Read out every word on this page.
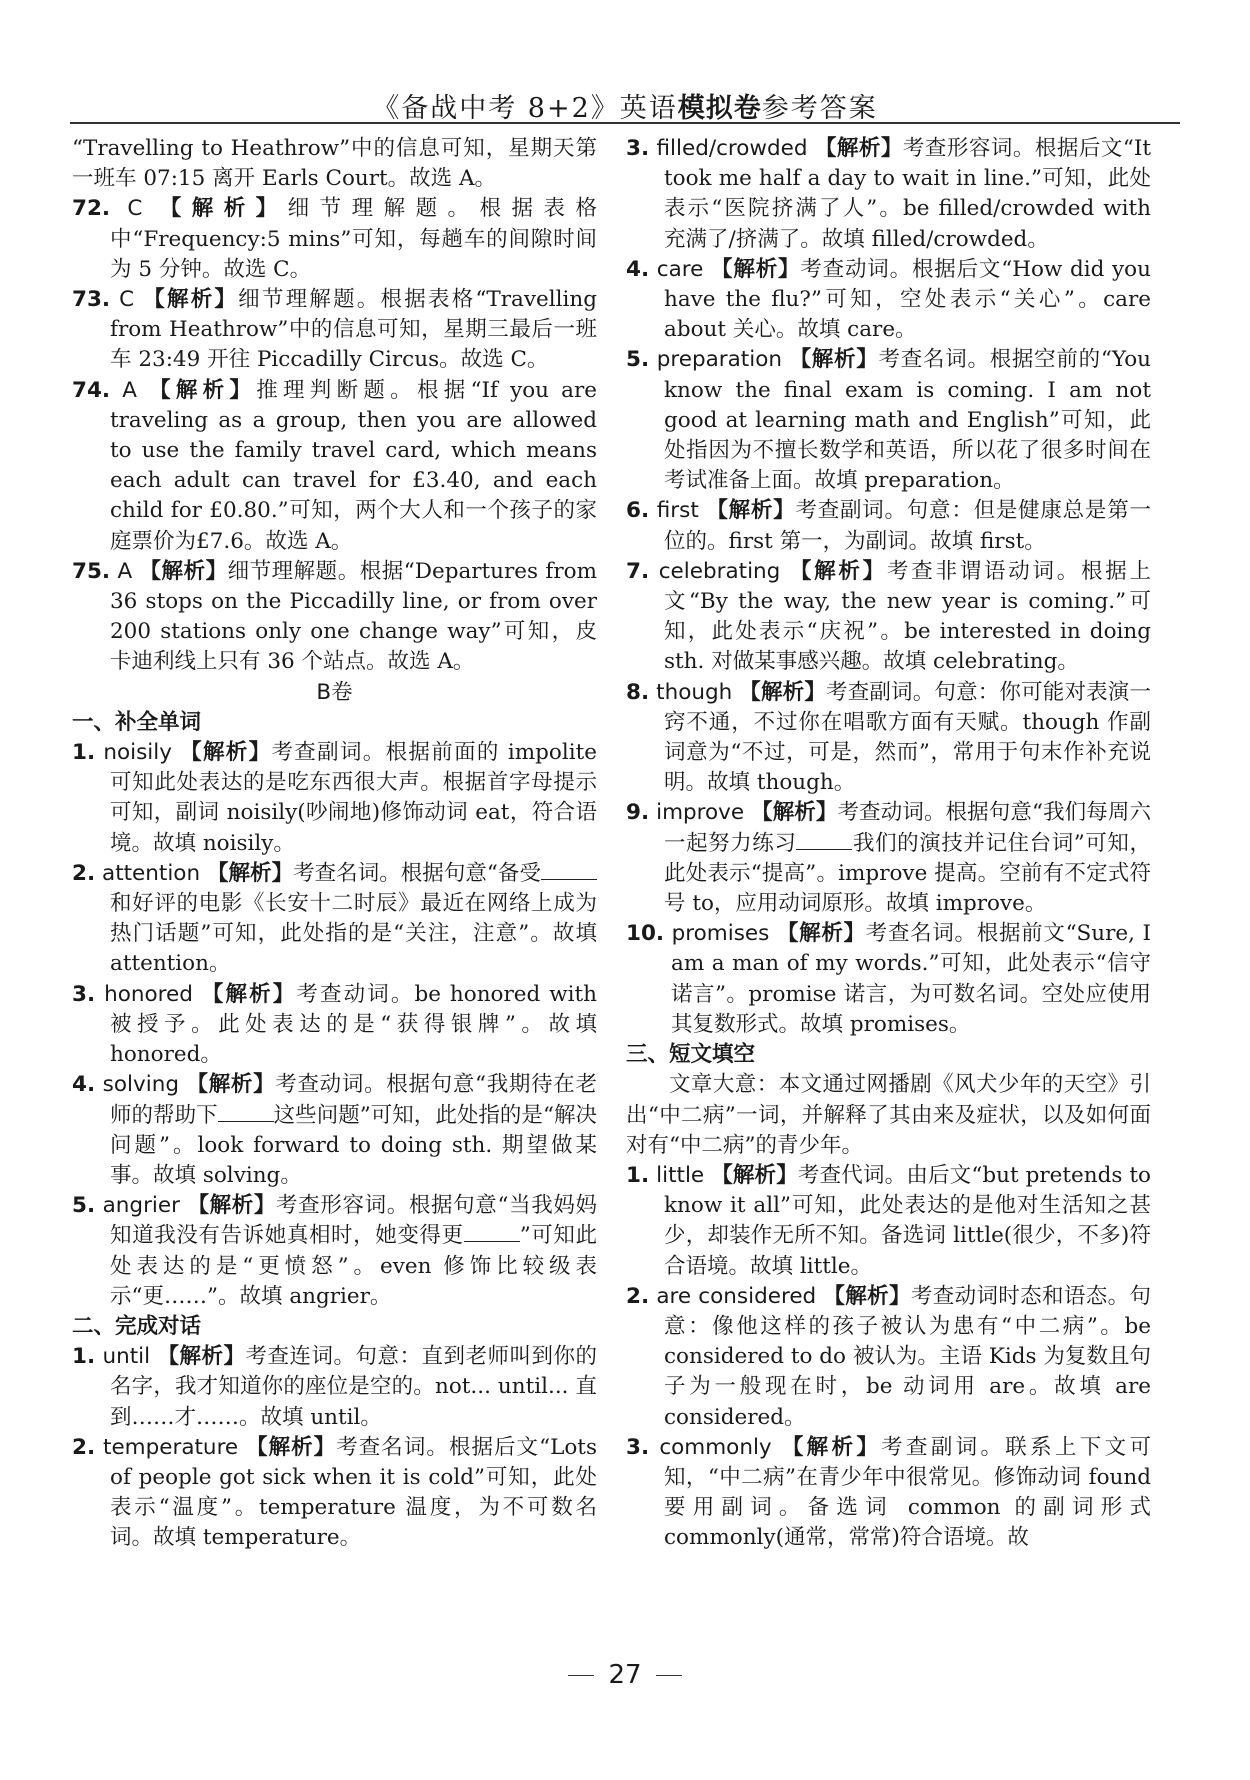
《备战中考 8+2》英语模拟卷参考答案

“Travelling to Heathrow”中的信息可知，星期天第一班车 07:15 离开 Earls Court。故选 A。

72. C 【解析】细节理解题。根据表格中“Frequency:5 mins”可知，每趟车的间隙时间为 5 分钟。故选 C。

73. C 【解析】细节理解题。根据表格“Travelling from Heathrow”中的信息可知，星期三最后一班车 23:49 开往 Piccadilly Circus。故选 C。

74. A 【解析】推理判断题。根据“If you are traveling as a group, then you are allowed to use the family travel card, which means each adult can travel for £3.40, and each child for £0.80.”可知，两个大人和一个孩子的家庭票价为£7.6。故选 A。

75. A 【解析】细节理解题。根据“Departures from 36 stops on the Piccadilly line, or from over 200 stations only one change way”可知，皮卡迪利线上只有 36 个站点。故选 A。

B卷

一、补全单词

1. noisily 【解析】考查副词。根据前面的 impolite 可知此处表达的是吃东西很大声。根据首字母提示可知，副词 noisily(吵闹地)修饰动词 eat，符合语境。故填 noisily。

2. attention 【解析】考查名词。根据句意“备受和好评的电影《长安十二时辰》最近在网络上成为热门话题”可知，此处指的是“关注，注意”。故填 attention。

3. honored 【解析】考查动词。be honored with 被授予。此处表达的是“获得银牌”。故填 honored。

4. solving 【解析】考查动词。根据句意“我期待在老师的帮助下	这些问题”可知，此处指的是“解决问题”。look forward to doing sth. 期望做某事。故填 solving。

5. angrier 【解析】考查形容词。根据句意“当我妈妈知道我没有告诉她真相时，她变得更	”可知此处表达的是“更愤怒”。even 修饰比较级表示“更……”。故填 angrier。

二、完成对话

1. until 【解析】考查连词。句意：直到老师叫到你的名字，我才知道你的座位是空的。not... until... 直到……才……。故填 until。

2. temperature 【解析】考查名词。根据后文“Lots of people got sick when it is cold”可知，此处表示“温度”。temperature 温度，为不可数名词。故填 temperature。

3. filled/crowded 【解析】考查形容词。根据后文“It took me half a day to wait in line.”可知，此处表示“医院挤满了人”。be filled/crowded with 充满了/挤满了。故填 filled/crowded。

4. care 【解析】考查动词。根据后文“How did you have the flu?”可知，空处表示“关心”。care about 关心。故填 care。

5. preparation 【解析】考查名词。根据空前的“You know the final exam is coming. I am not good at learning math and English”可知，此处指因为不擅长数学和英语，所以花了很多时间在考试准备上面。故填 preparation。

6. first 【解析】考查副词。句意：但是健康总是第一位的。first 第一，为副词。故填 first。

7. celebrating 【解析】考查非谓语动词。根据上文“By the way, the new year is coming.”可知，此处表示“庆祝”。be interested in doing sth. 对做某事感兴趣。故填 celebrating。

8. though 【解析】考查副词。句意：你可能对表演一窍不通，不过你在唱歌方面有天赋。though 作副词意为“不过，可是，然而”，常用于句末作补充说明。故填 though。

9. improve 【解析】考查动词。根据句意“我们每周六一起努力练习	我们的演技并记住台词”可知，此处表示“提高”。improve 提高。空前有不定式符号 to，应用动词原形。故填 improve。

10. promises 【解析】考查名词。根据前文“Sure, I am a man of my words.”可知，此处表示“信守诺言”。promise 诺言，为可数名词。空处应使用其复数形式。故填 promises。

三、短文填空

文章大意：本文通过网播剧《风犬少年的天空》引出“中二病”一词，并解释了其由来及症状，以及如何面对有“中二病”的青少年。

1. little 【解析】考查代词。由后文“but pretends to know it all”可知，此处表达的是他对生活知之甚少，却装作无所不知。备选词 little(很少，不多)符合语境。故填 little。

2. are considered 【解析】考查动词时态和语态。句意：像他这样的孩子被认为患有“中二病”。be considered to do 被认为。主语 Kids 为复数且句子为一般现在时，be 动词用 are。故填 are considered。

3. commonly 【解析】考查副词。联系上下文可知，“中二病”在青少年中很常见。修饰动词 found 要用副词。备选词 common 的副词形式 commonly(通常，常常)符合语境。故

27
